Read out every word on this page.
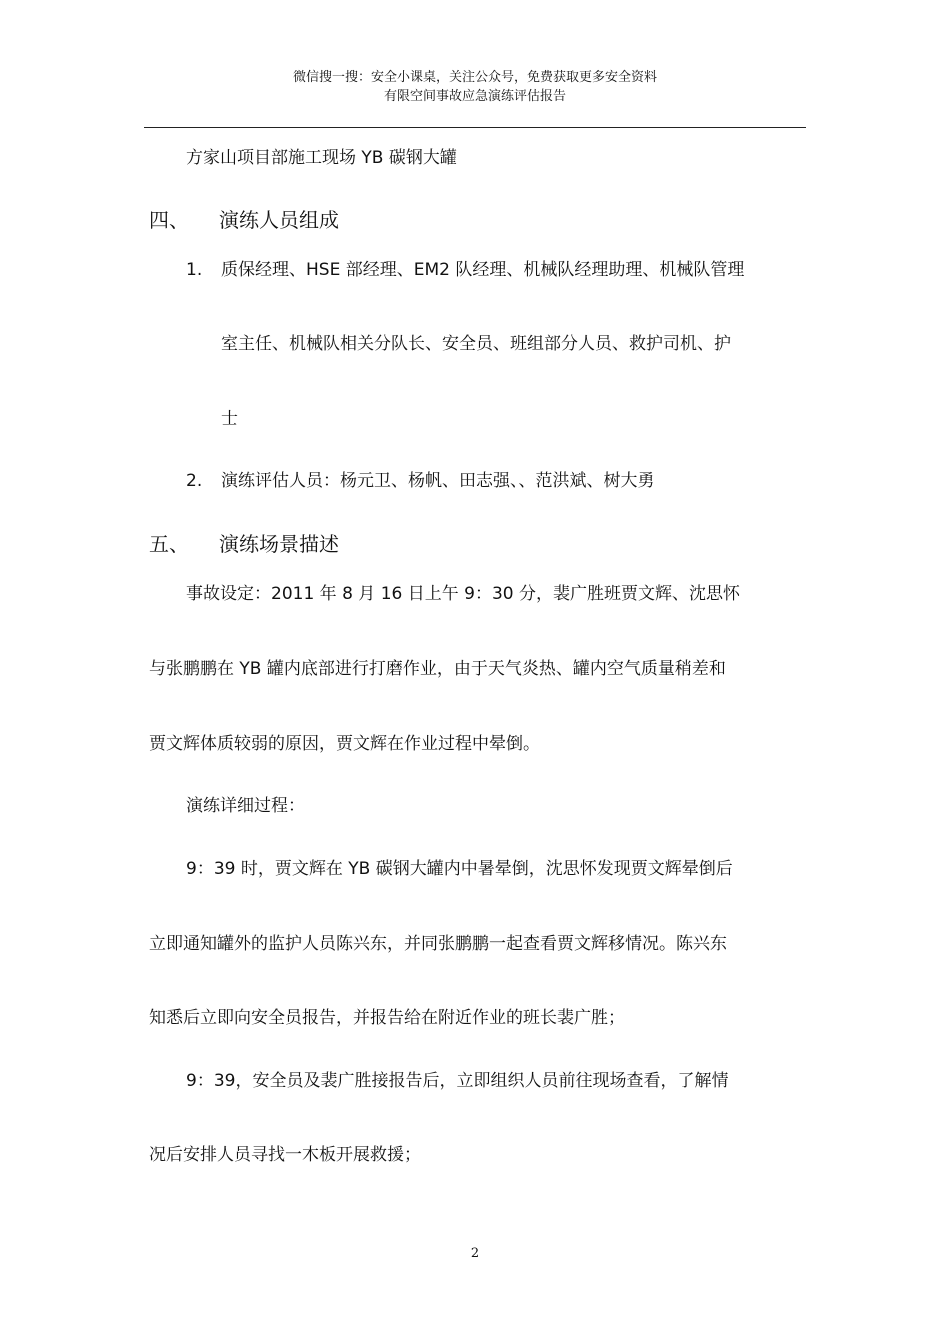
微信搜一搜：安全小课桌，关注公众号，免费获取更多安全资料
有限空间事故应急演练评估报告
方家山项目部施工现场 YB 碳钢大罐
四、 演练人员组成
1. 质保经理、HSE 部经理、EM2 队经理、机械队经理助理、机械队管理
室主任、机械队相关分队长、安全员、班组部分人员、救护司机、护
士
2. 演练评估人员：杨元卫、杨帆、田志强、、范洪斌、树大勇
五、 演练场景描述
事故设定：2011 年 8 月 16 日上午 9：30 分，裴广胜班贾文辉、沈思怀
与张鹏鹏在 YB 罐内底部进行打磨作业，由于天气炎热、罐内空气质量稍差和
贾文辉体质较弱的原因，贾文辉在作业过程中晕倒。
演练详细过程：
9：39 时，贾文辉在 YB 碳钢大罐内中暑晕倒，沈思怀发现贾文辉晕倒后
立即通知罐外的监护人员陈兴东，并同张鹏鹏一起查看贾文辉移情况。陈兴东
知悉后立即向安全员报告，并报告给在附近作业的班长裴广胜；
9：39，安全员及裴广胜接报告后，立即组织人员前往现场查看，了解情
况后安排人员寻找一木板开展救援；
2
